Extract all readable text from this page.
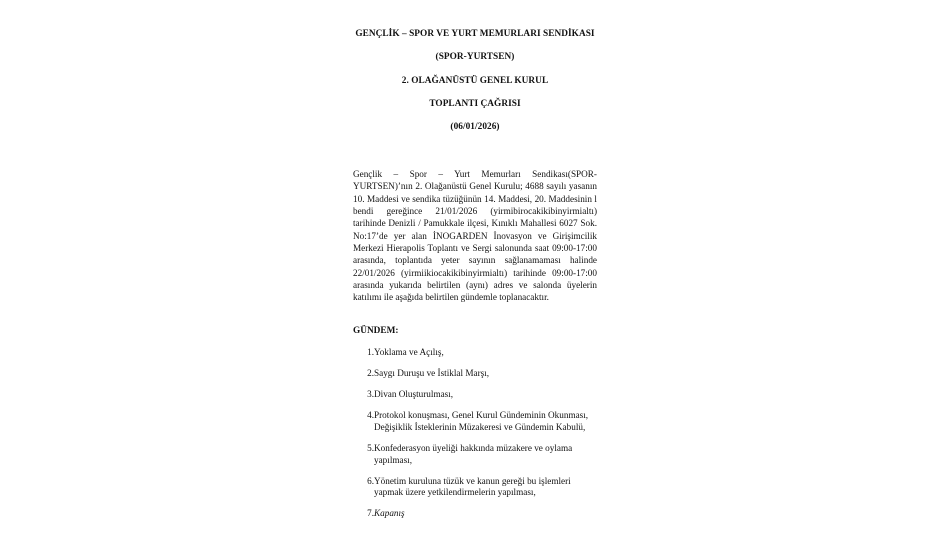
GENÇLİK – SPOR VE YURT MEMURLARI SENDİKASI
(SPOR-YURTSEN)
2. OLAĞANÜSTÜ GENEL KURUL
TOPLANTI ÇAĞRISI
(06/01/2026)

Gençlik – Spor – Yurt Memurları Sendikası(SPOR-YURTSEN)’nın 2. Olağanüstü Genel Kurulu; 4688 sayılı yasanın 10. Maddesi ve sendika tüzüğünün 14. Maddesi, 20. Maddesinin l bendi gereğince 21/01/2026 (yirmibirocakikibinyirmialtı) tarihinde Denizli / Pamukkale ilçesi, Kınıklı Mahallesi 6027 Sok. No:17’de yer alan İNOGARDEN İnovasyon ve Girişimcilik Merkezi Hierapolis Toplantı ve Sergi salonunda saat 09:00-17:00 arasında, toplantıda yeter sayının sağlanamaması halinde 22/01/2026 (yirmiikiocakikibinyirmialtı) tarihinde 09:00-17:00 arasında yukarıda belirtilen (aynı) adres ve salonda üyelerin katılımı ile aşağıda belirtilen gündemle toplanacaktır.

GÜNDEM:
1. Yoklama ve Açılış,
2. Saygı Duruşu ve İstiklal Marşı,
3. Divan Oluşturulması,
4. Protokol konuşması, Genel Kurul Gündeminin Okunması, Değişiklik İsteklerinin Müzakeresi ve Gündemin Kabulü,
5. Konfederasyon üyeliği hakkında müzakere ve oylama yapılması,
6. Yönetim kuruluna tüzük ve kanun gereği bu işlemleri yapmak üzere yetkilendirmelerin yapılması,
7. Kapanış
